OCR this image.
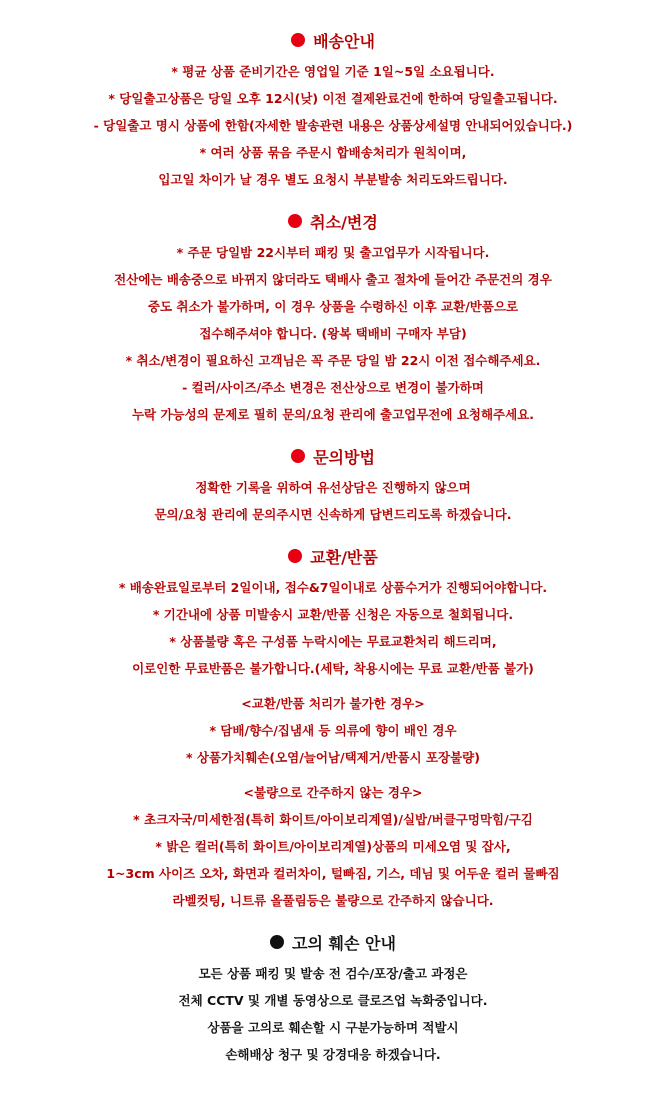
배송안내
* 평균 상품 준비기간은 영업일 기준 1일~5일 소요됩니다.
* 당일출고상품은 당일 오후 12시(낮) 이전 결제완료건에 한하여 당일출고됩니다.
- 당일출고 명시 상품에 한함(자세한 발송관련 내용은 상품상세설명 안내되어있습니다.)
* 여러 상품 묶음 주문시 합배송처리가 원칙이며,
입고일 차이가 날 경우 별도 요청시 부분발송 처리도와드립니다.
취소/변경
* 주문 당일밤 22시부터 패킹 및 출고업무가 시작됩니다.
전산에는 배송중으로 바뀌지 않더라도 택배사 출고 절차에 들어간 주문건의 경우
중도 취소가 불가하며, 이 경우 상품을 수령하신 이후 교환/반품으로
접수해주셔야 합니다. (왕복 택배비 구매자 부담)
* 취소/변경이 필요하신 고객님은 꼭 주문 당일 밤 22시 이전 접수해주세요.
- 컬러/사이즈/주소 변경은 전산상으로 변경이 불가하며
누락 가능성의 문제로 필히 문의/요청 관리에 출고업무전에 요청해주세요.
문의방법
정확한 기록을 위하여 유선상담은 진행하지 않으며
문의/요청 관리에 문의주시면 신속하게 답변드리도록 하겠습니다.
교환/반품
* 배송완료일로부터 2일이내, 접수&7일이내로 상품수거가 진행되어야합니다.
* 기간내에 상품 미발송시 교환/반품 신청은 자동으로 철회됩니다.
* 상품불량 혹은 구성품 누락시에는 무료교환처리 해드리며,
이로인한 무료반품은 불가합니다.(세탁, 착용시에는 무료 교환/반품 불가)
<교환/반품 처리가 불가한 경우>
* 담배/향수/집냄새 등 의류에 향이 배인 경우
* 상품가치훼손(오염/늘어남/택제거/반품시 포장불량)
<불량으로 간주하지 않는 경우>
* 초크자국/미세한점(특히 화이트/아이보리계열)/실밥/버클구멍막힘/구김
* 밝은 컬러(특히 화이트/아이보리계열)상품의 미세오염 및 잡사,
1~3cm 사이즈 오차, 화면과 컬러차이, 털빠짐, 기스, 데님 및 어두운 컬러 물빠짐
라벨컷팅, 니트류 올풀림등은 불량으로 간주하지 않습니다.
고의 훼손 안내
모든 상품 패킹 및 발송 전 검수/포장/출고 과정은
전체 CCTV 및 개별 동영상으로 클로즈업 녹화중입니다.
상품을 고의로 훼손할 시 구분가능하며 적발시
손해배상 청구 및 강경대응 하겠습니다.
